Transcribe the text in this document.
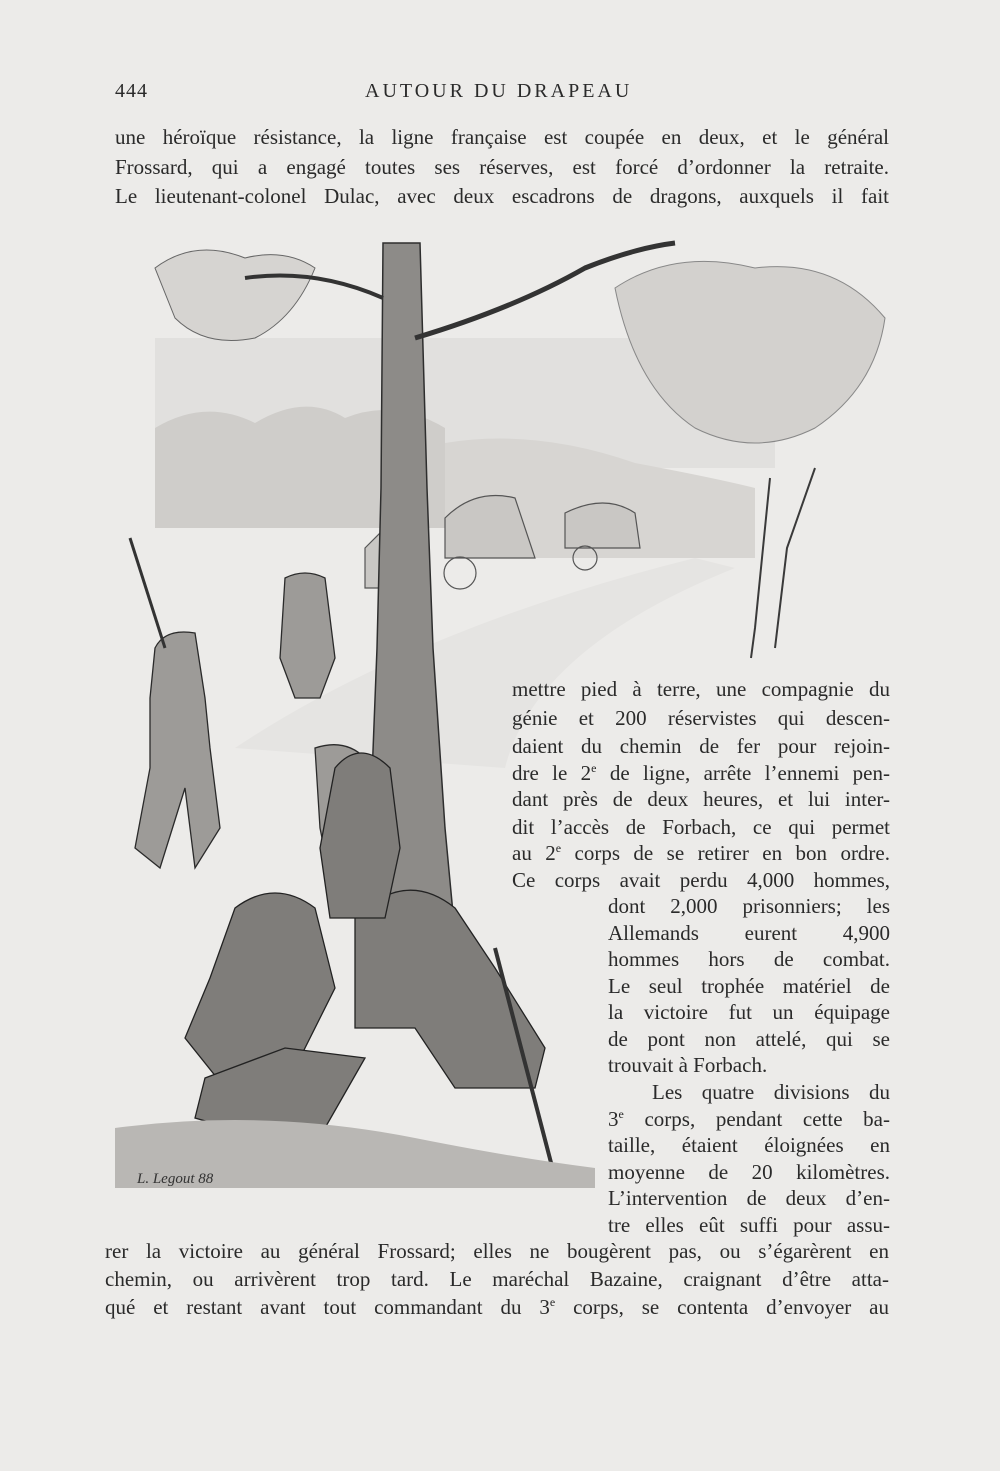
444	AUTOUR DU DRAPEAU
une héroïque résistance, la ligne française est coupée en deux, et le général
Frossard, qui a engagé toutes ses réserves, est forcé d’ordonner la retraite.
Le lieutenant-colonel Dulac, avec deux escadrons de dragons, auxquels il fait
L. Legout 88
mettre pied à terre, une compagnie du
génie et 200 réservistes qui descen-
daient du chemin de fer pour rejoin-
dre le 2e de ligne, arrête l’ennemi pen-
dant près de deux heures, et lui inter-
dit l’accès de Forbach, ce qui permet
au 2e corps de se retirer en bon ordre.
Ce corps avait perdu 4,000 hommes,
dont 2,000 prisonniers; les
Allemands eurent 4,900
hommes hors de combat.
Le seul trophée matériel de
la victoire fut un équipage
de pont non attelé, qui se
trouvait à Forbach.
Les quatre divisions du
3e corps, pendant cette ba-
taille, étaient éloignées en
moyenne de 20 kilomètres.
L’intervention de deux d’en-
tre elles eût suffi pour assu-
rer la victoire au général Frossard; elles ne bougèrent pas, ou s’égarèrent en
chemin, ou arrivèrent trop tard. Le maréchal Bazaine, craignant d’être atta-
qué et restant avant tout commandant du 3e corps, se contenta d’envoyer au
